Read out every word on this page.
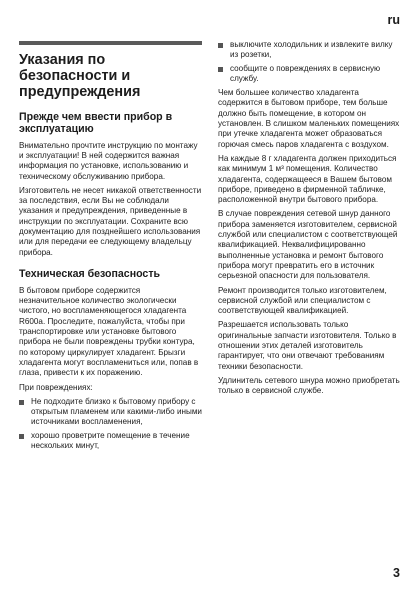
ru
Указания по безопасности и предупреждения
Прежде чем ввести прибор в эксплуатацию

Внимательно прочтите инструкцию по монтажу и эксплуатации! В ней содержится важная информация по установке, использованию и техническому обслуживанию прибора.

Изготовитель не несет никакой ответственности за последствия, если Вы не соблюдали указания и предупреждения, приведенные в инструкции по эксплуатации. Сохраните всю документацию для позднейшего использования или для передачи ее следующему владельцу прибора.

Техническая безопасность

В бытовом приборе содержится незначительное количество экологически чистого, но воспламеняющегося хладагента R600a. Проследите, пожалуйста, чтобы при транспортировке или установке бытового прибора не были повреждены трубки контура, по которому циркулирует хладагент. Брызги хладагента могут воспламениться или, попав в глаза, привести к их поражению.

При повреждениях:

Не подходите близко к бытовому прибору с открытым пламенем или какими-либо иными источниками воспламенения,
хорошо проветрите помещение в течение нескольких минут,
выключите холодильник и извлеките вилку из розетки,
сообщите о повреждениях в сервисную службу.

Чем большее количество хладагента содержится в бытовом приборе, тем больше должно быть помещение, в котором он установлен. В слишком маленьких помещениях при утечке хладагента может образоваться горючая смесь паров хладагента с воздухом.

На каждые 8 г хладагента должен приходиться как минимум 1 м³ помещения. Количество хладагента, содержащееся в Вашем бытовом приборе, приведено в фирменной табличке, расположенной внутри бытового прибора.

В случае повреждения сетевой шнур данного прибора заменяется изготовителем, сервисной службой или специалистом с соответствующей квалификацией. Неквалифицированно выполненные установка и ремонт бытового прибора могут превратить его в источник серьезной опасности для пользователя.

Ремонт производится только изготовителем, сервисной службой или специалистом с соответствующей квалификацией.

Разрешается использовать только оригинальные запчасти изготовителя. Только в отношении этих деталей изготовитель гарантирует, что они отвечают требованиям техники безопасности.

Удлинитель сетевого шнура можно приобретать только в сервисной службе.

3
